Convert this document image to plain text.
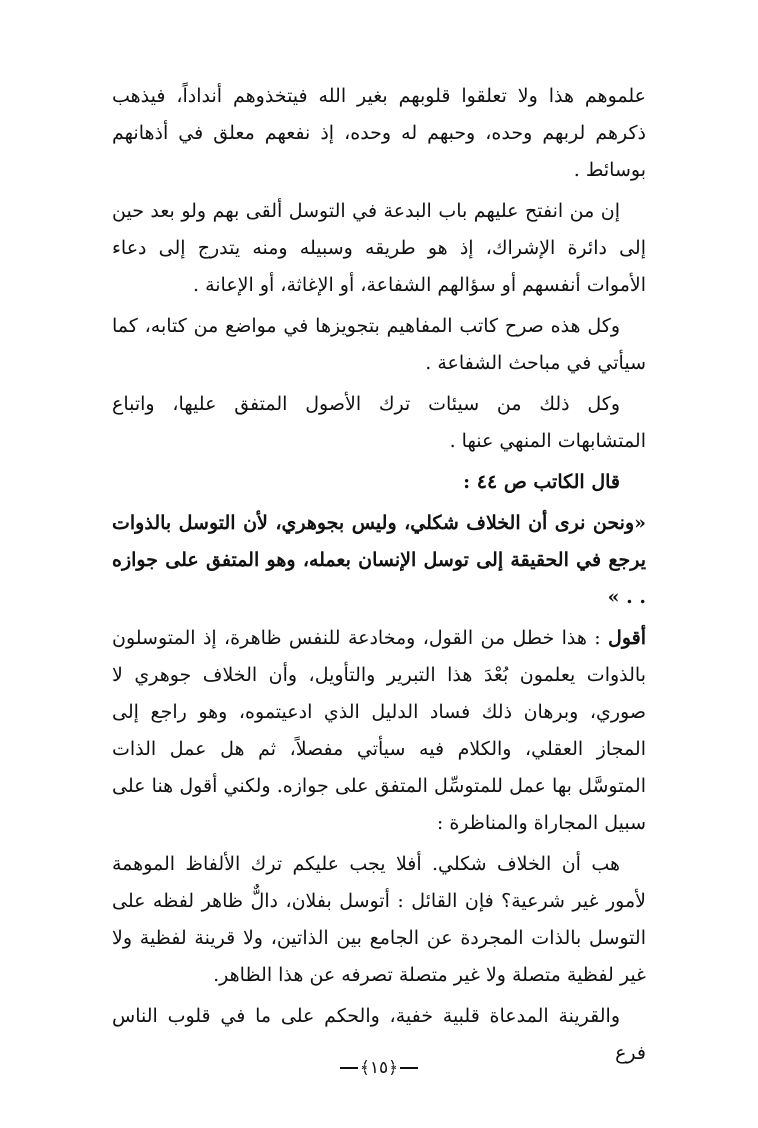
علموهم هذا ولا تعلقوا قلوبهم بغير الله فيتخذوهم أنداداً، فيذهب ذكرهم لربهم وحده، وحبهم له وحده، إذ نفعهم معلق في أذهانهم بوسائط .

إن من انفتح عليهم باب البدعة في التوسل ألقى بهم ولو بعد حين إلى دائرة الإشراك، إذ هو طريقه وسبيله ومنه يتدرج إلى دعاء الأموات أنفسهم أو سؤالهم الشفاعة، أو الإغاثة، أو الإعانة .

وكل هذه صرح كاتب المفاهيم بتجويزها في مواضع من كتابه، كما سيأتي في مباحث الشفاعة .

وكل ذلك من سيئات ترك الأصول المتفق عليها، واتباع المتشابهات المنهي عنها .

قال الكاتب ص ٤٤ :

«ونحن نرى أن الخلاف شكلي، وليس بجوهري، لأن التوسل بالذوات يرجع في الحقيقة إلى توسل الإنسان بعمله، وهو المتفق على جوازه . . »

أقول : هذا خطل من القول، ومخادعة للنفس ظاهرة، إذ المتوسلون بالذوات يعلمون بُعْدَ هذا التبرير والتأويل، وأن الخلاف جوهري لا صوري، وبرهان ذلك فساد الدليل الذي ادعيتموه، وهو راجع إلى المجاز العقلي، والكلام فيه سيأتي مفصلاً، ثم هل عمل الذات المتوسَّل بها عمل للمتوسِّل المتفق على جوازه. ولكني أقول هنا على سبيل المجاراة والمناظرة :

هب أن الخلاف شكلي. أفلا يجب عليكم ترك الألفاظ الموهمة لأمور غير شرعية؟ فإن القائل : أتوسل بفلان، دالٌّ ظاهر لفظه على التوسل بالذات المجردة عن الجامع بين الذاتين، ولا قرينة لفظية ولا غير لفظية متصلة ولا غير متصلة تصرفه عن هذا الظاهر.

والقرينة المدعاة قلبية خفية، والحكم على ما في قلوب الناس فرع

﴿١٥﴾
